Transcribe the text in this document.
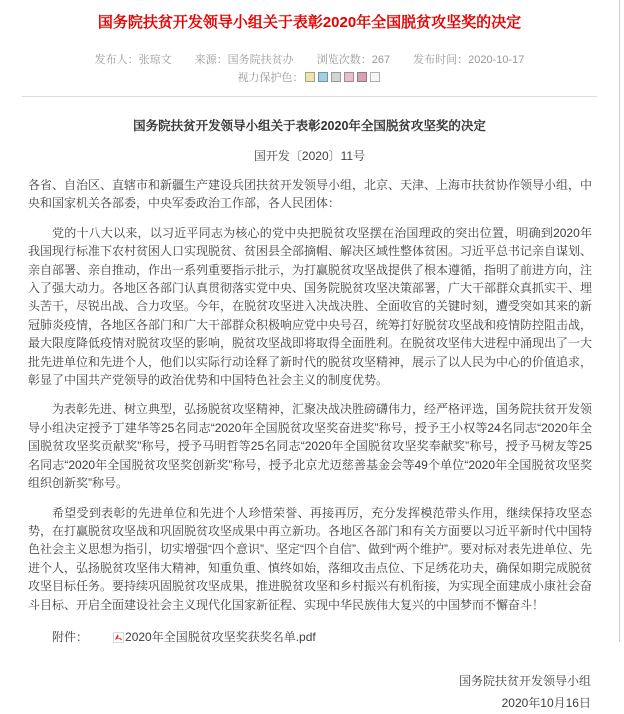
国务院扶贫开发领导小组关于表彰2020年全国脱贫攻坚奖的决定
发布人：张琼文 来源：国务院扶贫办 浏览次数：267 发布时间：2020-10-17
视力保护色：
国务院扶贫开发领导小组关于表彰2020年全国脱贫攻坚奖的决定
国开发〔2020〕11号

各省、自治区、直辖市和新疆生产建设兵团扶贫开发领导小组，北京、天津、上海市扶贫协作领导小组，中央和国家机关各部委，中央军委政治工作部，各人民团体：

党的十八大以来，以习近平同志为核心的党中央把脱贫攻坚摆在治国理政的突出位置，明确到2020年我国现行标准下农村贫困人口实现脱贫、贫困县全部摘帽、解决区域性整体贫困。习近平总书记亲自谋划、亲自部署、亲自推动，作出一系列重要指示批示，为打赢脱贫攻坚战提供了根本遵循，指明了前进方向，注入了强大动力。各地区各部门认真贯彻落实党中央、国务院脱贫攻坚决策部署，广大干部群众真抓实干、埋头苦干，尽锐出战、合力攻坚。今年，在脱贫攻坚进入决战决胜、全面收官的关键时刻，遭受突如其来的新冠肺炎疫情，各地区各部门和广大干部群众积极响应党中央号召，统筹打好脱贫攻坚战和疫情防控阻击战，最大限度降低疫情对脱贫攻坚的影响，脱贫攻坚战即将取得全面胜利。在脱贫攻坚伟大进程中涌现出了一大批先进单位和先进个人，他们以实际行动诠释了新时代的脱贫攻坚精神，展示了以人民为中心的价值追求，彰显了中国共产党领导的政治优势和中国特色社会主义的制度优势。

为表彰先进、树立典型，弘扬脱贫攻坚精神，汇聚决战决胜磅礴伟力，经严格评选，国务院扶贫开发领导小组决定授予丁建华等25名同志“2020年全国脱贫攻坚奖奋进奖”称号，授予王小权等24名同志“2020年全国脱贫攻坚奖贡献奖”称号，授予马明哲等25名同志“2020年全国脱贫攻坚奖奉献奖”称号，授予马树友等25名同志“2020年全国脱贫攻坚奖创新奖”称号，授予北京尤迈慈善基金会等49个单位“2020年全国脱贫攻坚奖组织创新奖”称号。

希望受到表彰的先进单位和先进个人珍惜荣誉、再接再厉，充分发挥模范带头作用，继续保持攻坚态势，在打赢脱贫攻坚战和巩固脱贫攻坚成果中再立新功。各地区各部门和有关方面要以习近平新时代中国特色社会主义思想为指引，切实增强“四个意识”、坚定“四个自信”、做到“两个维护”。要对标对表先进单位、先进个人，弘扬脱贫攻坚伟大精神，知重负重、慎终如始，落细攻击点位、下足绣花功夫，确保如期完成脱贫攻坚目标任务。要持续巩固脱贫攻坚成果，推进脱贫攻坚和乡村振兴有机衔接，为实现全面建成小康社会奋斗目标、开启全面建设社会主义现代化国家新征程、实现中华民族伟大复兴的中国梦而不懈奋斗！

附件：	2020年全国脱贫攻坚奖获奖名单.pdf
国务院扶贫开发领导小组
2020年10月16日
